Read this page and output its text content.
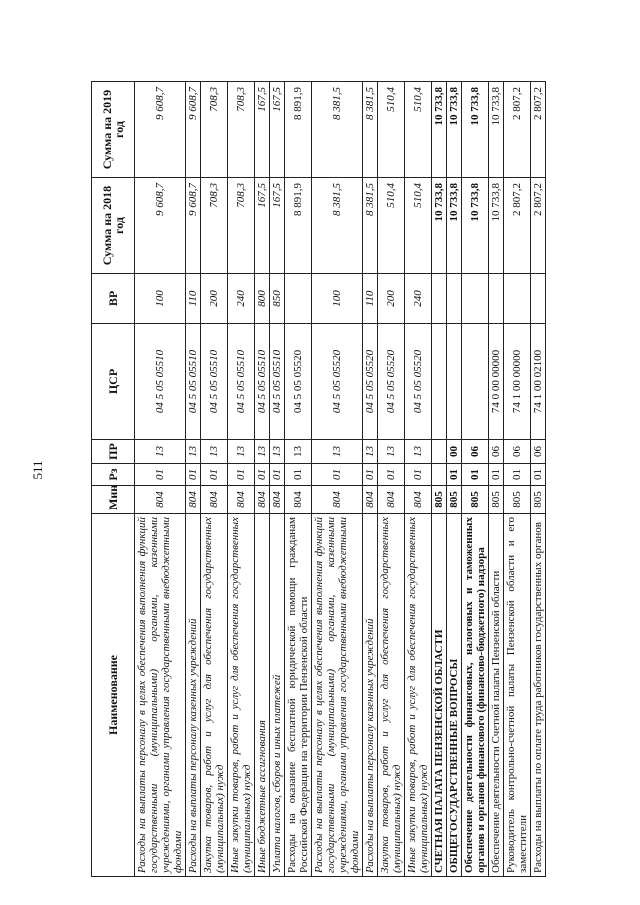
511
Наименование	Мин	Рз	ПР	ЦСР	ВР	Сумма на 2018 год	Сумма на 2019 год
Расходы на выплаты персоналу в целях обеспечения выполнения функций государственными (муниципальными) органами, казенными учреждениями, органами управления государственными внебюджетными фондами	804	01	13	04 5 05 05510	100	9 608,7	9 608,7
Расходы на выплаты персоналу казенных учреждений	804	01	13	04 5 05 05510	110	9 608,7	9 608,7
Закупка товаров, работ и услуг для обеспечения государственных (муниципальных) нужд	804	01	13	04 5 05 05510	200	708,3	708,3
Иные закупки товаров, работ и услуг для обеспечения государственных (муниципальных) нужд	804	01	13	04 5 05 05510	240	708,3	708,3
Иные бюджетные ассигнования	804	01	13	04 5 05 05510	800	167,5	167,5
Уплата налогов, сборов и иных платежей	804	01	13	04 5 05 05510	850	167,5	167,5
Расходы на оказание бесплатной юридической помощи гражданам Российской Федерации на территории Пензенской области	804	01	13	04 5 05 05520		8 891,9	8 891,9
Расходы на выплаты персоналу в целях обеспечения выполнения функций государственными (муниципальными) органами, казенными учреждениями, органами управления государственными внебюджетными фондами	804	01	13	04 5 05 05520	100	8 381,5	8 381,5
Расходы на выплаты персоналу казенных учреждений	804	01	13	04 5 05 05520	110	8 381,5	8 381,5
Закупка товаров, работ и услуг для обеспечения государственных (муниципальных) нужд	804	01	13	04 5 05 05520	200	510,4	510,4
Иные закупки товаров, работ и услуг для обеспечения государственных (муниципальных) нужд	804	01	13	04 5 05 05520	240	510,4	510,4
СЧЕТНАЯ ПАЛАТА ПЕНЗЕНСКОЙ ОБЛАСТИ	805					10 733,8	10 733,8
ОБЩЕГОСУДАРСТВЕННЫЕ ВОПРОСЫ	805	01	00			10 733,8	10 733,8
Обеспечение деятельности финансовых, налоговых и таможенных органов и органов финансового (финансово-бюджетного) надзора	805	01	06			10 733,8	10 733,8
Обеспечение деятельности Счетной палаты Пензенской области	805	01	06	74 0 00 00000		10 733,8	10 733,8
Руководитель контрольно-счетной палаты Пензенской области и его заместители	805	01	06	74 1 00 00000		2 807,2	2 807,2
Расходы на выплаты по оплате труда работников государственных органов	805	01	06	74 1 00 02100		2 807,2	2 807,2
